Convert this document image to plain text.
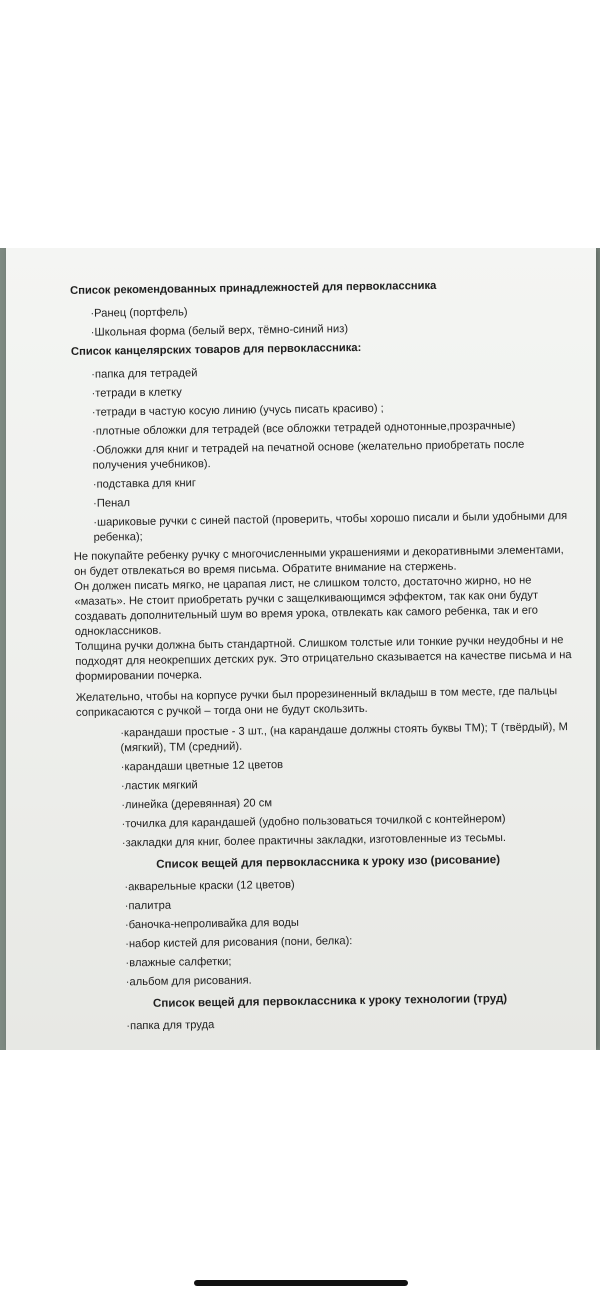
Список рекомендованных принадлежностей для первоклассника
·Ранец (портфель)
·Школьная форма (белый верх, тёмно-синий низ)
Список канцелярских товаров для первоклассника:
·папка для тетрадей
·тетради в клетку
·тетради в частую косую линию (учусь писать красиво) ;
·плотные обложки для тетрадей (все обложки тетрадей однотонные,прозрачные)
·Обложки для книг и тетрадей на печатной основе (желательно приобретать после получения учебников).
·подставка для книг
·Пенал
·шариковые ручки с синей пастой (проверить, чтобы хорошо писали и были удобными для ребенка);

Не покупайте ребенку ручку с многочисленными украшениями и декоративными элементами, он будет отвлекаться во время письма. Обратите внимание на стержень.

Он должен писать мягко, не царапая лист, не слишком толсто, достаточно жирно, но не «мазать». Не стоит приобретать ручки с защелкивающимся эффектом, так как они будут создавать дополнительный шум во время урока, отвлекать как самого ребенка, так и его одноклассников.

Толщина ручки должна быть стандартной. Слишком толстые или тонкие ручки неудобны и не подходят для неокрепших детских рук. Это отрицательно сказывается на качестве письма и на формировании почерка.

Желательно, чтобы на корпусе ручки был прорезиненный вкладыш в том месте, где пальцы соприкасаются с ручкой – тогда они не будут скользить.

·карандаши простые - 3 шт., (на карандаше должны стоять буквы ТМ); Т (твёрдый), М (мягкий), ТМ (средний).
·карандаши цветные 12 цветов
·ластик мягкий
·линейка (деревянная) 20 см
·точилка для карандашей (удобно пользоваться точилкой с контейнером)
·закладки для книг, более практичны закладки, изготовленные из тесьмы.
Список вещей для первоклассника к уроку изо (рисование)
·акварельные краски (12 цветов)
·палитра
·баночка-непроливайка для воды
·набор кистей для рисования (пони, белка):
·влажные салфетки;
·альбом для рисования.
Список вещей для первоклассника к уроку технологии (труд)
·папка для труда
